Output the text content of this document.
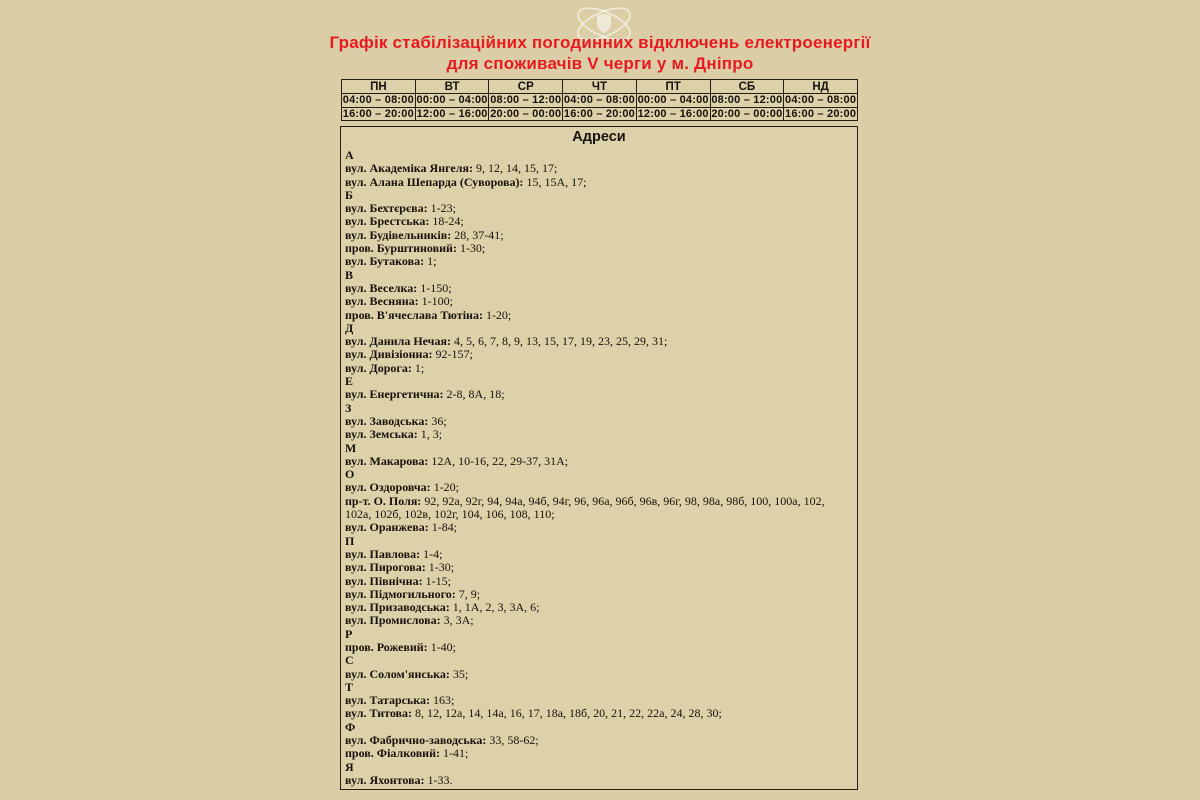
Графік стабілізаційних погодинних відключень електроенергії
для споживачів V черги у м. Дніпро
ПН	ВТ	СР	ЧТ	ПТ	СБ	НД
04:00 – 08:00	00:00 – 04:00	08:00 – 12:00	04:00 – 08:00	00:00 – 04:00	08:00 – 12:00	04:00 – 08:00
16:00 – 20:00	12:00 – 16:00	20:00 – 00:00	16:00 – 20:00	12:00 – 16:00	20:00 – 00:00	16:00 – 20:00
Адреси
А
вул. Академіка Янгеля: 9, 12, 14, 15, 17;
вул. Алана Шепарда (Суворова): 15, 15А, 17;
Б
вул. Бехтєрєва: 1-23;
вул. Брестська: 18-24;
вул. Будівельників: 28, 37-41;
пров. Бурштиновий: 1-30;
вул. Бутакова: 1;
В
вул. Веселка: 1-150;
вул. Весняна: 1-100;
пров. В'ячеслава Тютіна: 1-20;
Д
вул. Данила Нечая: 4, 5, 6, 7, 8, 9, 13, 15, 17, 19, 23, 25, 29, 31;
вул. Дивізіонна: 92-157;
вул. Дорога: 1;
Е
вул. Енергетична: 2-8, 8А, 18;
З
вул. Заводська: 36;
вул. Земська: 1, 3;
М
вул. Макарова: 12А, 10-16, 22, 29-37, 31А;
О
вул. Оздоровча: 1-20;
пр-т. О. Поля: 92, 92а, 92г, 94, 94а, 94б, 94г, 96, 96а, 96б, 96в, 96г, 98, 98а, 98б, 100, 100а, 102, 102а, 102б, 102в, 102г, 104, 106, 108, 110;
вул. Оранжева: 1-84;
П
вул. Павлова: 1-4;
вул. Пирогова: 1-30;
вул. Північна: 1-15;
вул. Підмогильного: 7, 9;
вул. Призаводська: 1, 1А, 2, 3, 3А, 6;
вул. Промислова: 3, 3А;
Р
пров. Рожевий: 1-40;
С
вул. Солом'янська: 35;
Т
вул. Татарська: 163;
вул. Титова: 8, 12, 12а, 14, 14а, 16, 17, 18а, 18б, 20, 21, 22, 22а, 24, 28, 30;
Ф
вул. Фабрично-заводська: 33, 58-62;
пров. Фіалковий: 1-41;
Я
вул. Яхонтова: 1-33.
